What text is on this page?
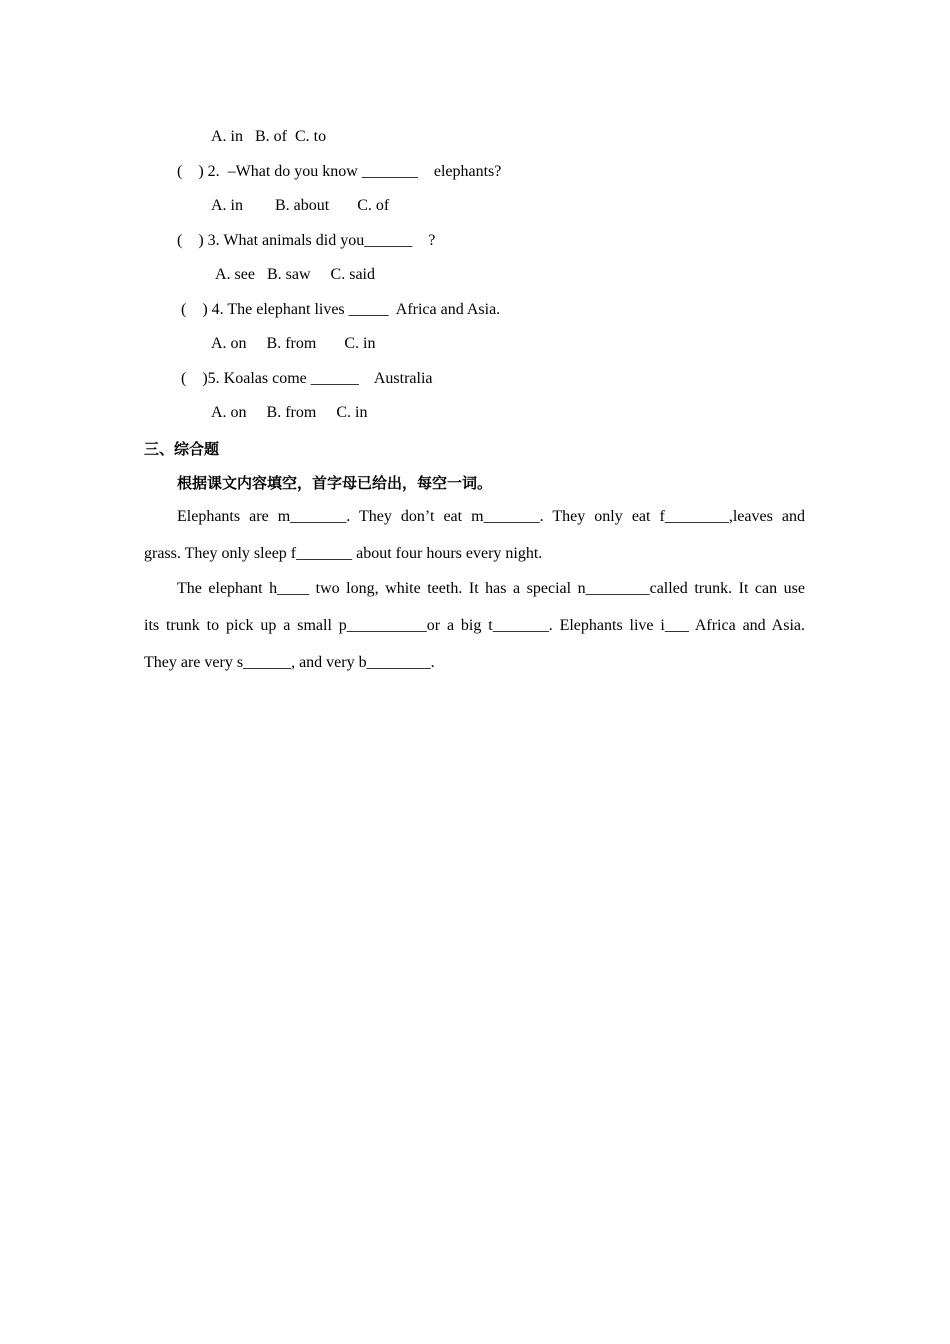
A. in   B. of  C. to

(    ) 2.  –What do you know _______    elephants?

A. in        B. about       C. of

(    ) 3. What animals did you______    ?

A. see   B. saw     C. said

(    ) 4. The elephant lives _____  Africa and Asia.

A. on     B. from       C. in

(    )5. Koalas come ______    Australia

A. on     B. from     C. in

三、综合题

根据课文内容填空，首字母已给出，每空一词。

Elephants are m_______. They don’t eat m_______. They only eat f________,leaves and

grass. They only sleep f_______ about four hours every night.

The elephant h____ two long, white teeth. It has a special n________called trunk. It can use

its trunk to pick up a small p__________or a big t_______. Elephants live i___ Africa and Asia.

They are very s______, and very b________.
